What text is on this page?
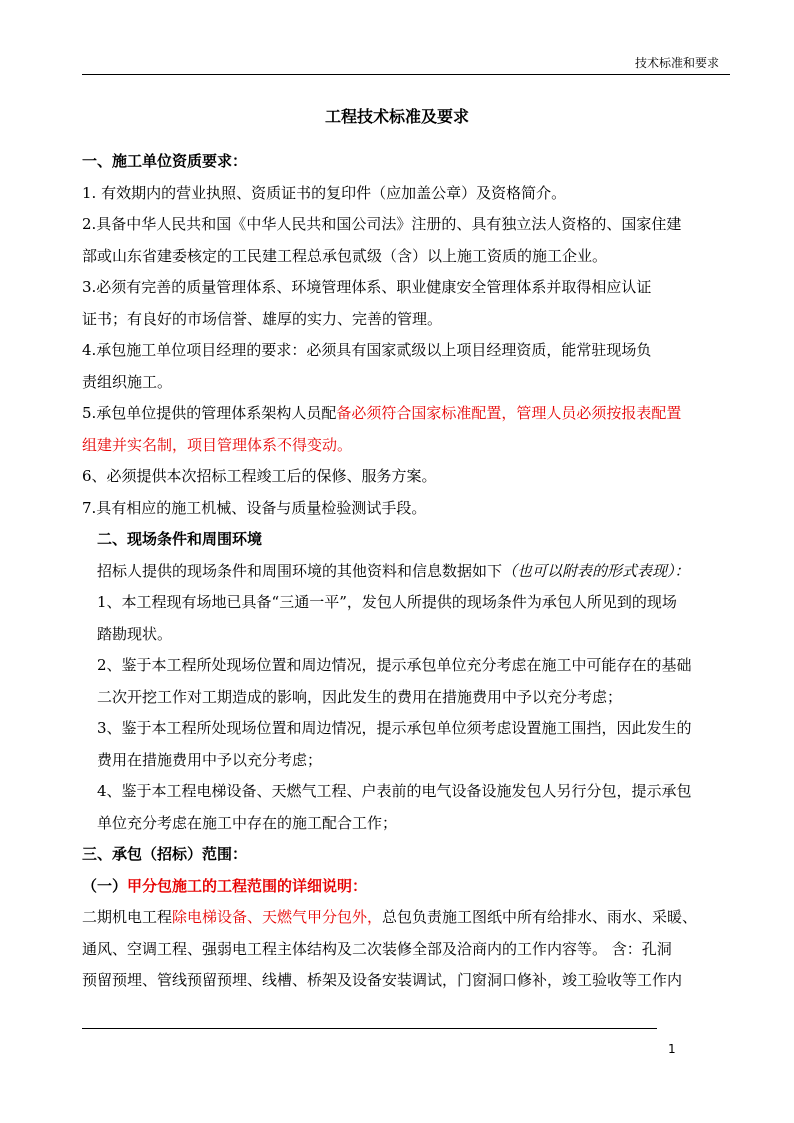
技术标准和要求
工程技术标准及要求

一、施工单位资质要求：

1. 有效期内的营业执照、资质证书的复印件（应加盖公章）及资格简介。

2.具备中华人民共和国《中华人民共和国公司法》注册的、具有独立法人资格的、国家住建

部或山东省建委核定的工民建工程总承包贰级（含）以上施工资质的施工企业。

3.必须有完善的质量管理体系、环境管理体系、职业健康安全管理体系并取得相应认证

证书；有良好的市场信誉、雄厚的实力、完善的管理。

4.承包施工单位项目经理的要求：必须具有国家贰级以上项目经理资质，能常驻现场负

责组织施工。

5.承包单位提供的管理体系架构人员配备必须符合国家标准配置，管理人员必须按报表配置

组建并实名制，项目管理体系不得变动。

6、必须提供本次招标工程竣工后的保修、服务方案。

7.具有相应的施工机械、设备与质量检验测试手段。

二、现场条件和周围环境

招标人提供的现场条件和周围环境的其他资料和信息数据如下（也可以附表的形式表现）：

1、本工程现有场地已具备“三通一平”，发包人所提供的现场条件为承包人所见到的现场

踏勘现状。

2、鉴于本工程所处现场位置和周边情况，提示承包单位充分考虑在施工中可能存在的基础

二次开挖工作对工期造成的影响，因此发生的费用在措施费用中予以充分考虑；

3、鉴于本工程所处现场位置和周边情况，提示承包单位须考虑设置施工围挡，因此发生的

费用在措施费用中予以充分考虑；

4、鉴于本工程电梯设备、天燃气工程、户表前的电气设备设施发包人另行分包，提示承包

单位充分考虑在施工中存在的施工配合工作；

三、承包（招标）范围：

（一）甲分包施工的工程范围的详细说明：

二期机电工程除电梯设备、天燃气甲分包外，总包负责施工图纸中所有给排水、雨水、采暖、

通风、空调工程、强弱电工程主体结构及二次装修全部及洽商内的工作内容等。 含：孔洞

预留预埋、管线预留预埋、线槽、桥架及设备安装调试，门窗洞口修补，竣工验收等工作内

1
